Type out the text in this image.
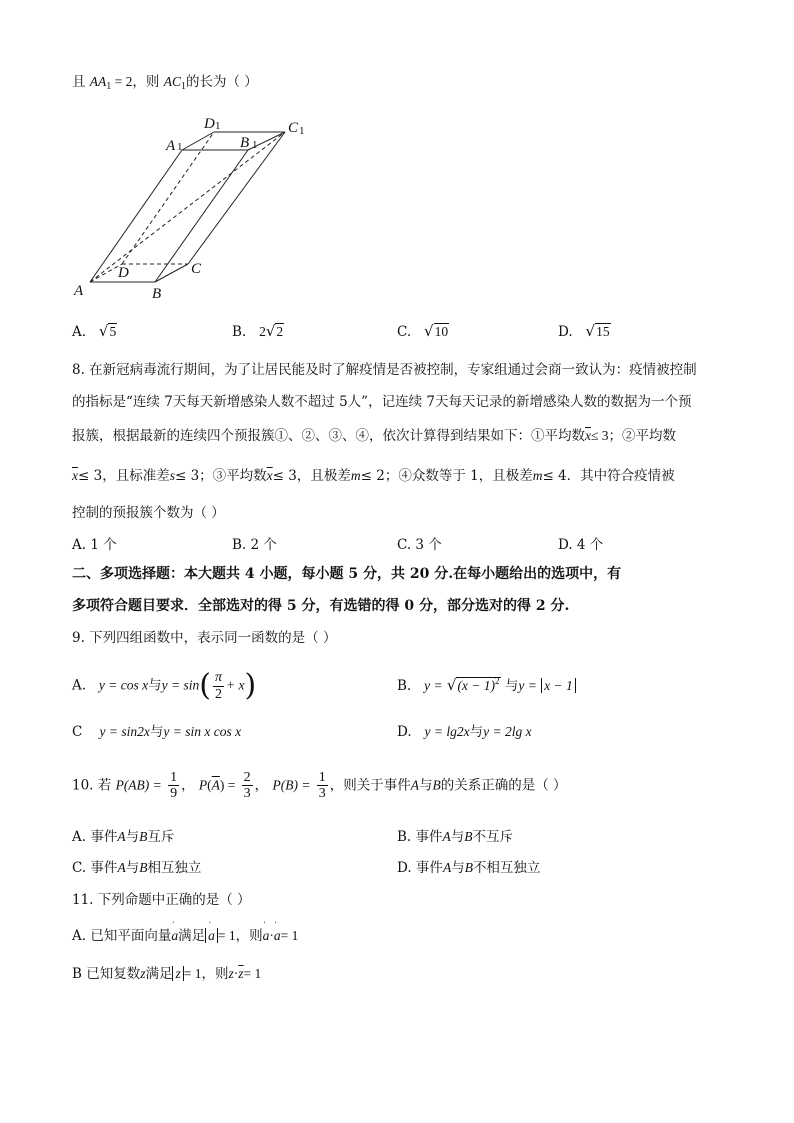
且 $AA_1 = 2$，则 $AC_1$的长为（ ）
A	B
C
D
A	B
C
D
1	1
1
1
A. √5	B. 2√2	C. √10	D. √15
8. 在新冠病毒流行期间，为了让居民能及时了解疫情是否被控制，专家组通过会商一致认为：疫情被控制
的指标是“连续 7天每天新增感染人数不超过 5人”，记连续 7天每天记录的新增感染人数的数据为一个预
报簇，根据最新的连续四个预报簇①、②、③、④，依次计算得到结果如下：①平均数$\overline{x}\le 3$；②平均数
$\overline{x}\le 3$，且标准差s≤ 3；③平均数$\overline{x}\le 3$，且极差m≤ 2；④众数等于 1，且极差m≤ 4．其中符合疫情被
控制的预报簇个数为（ ）
A. 1 个	B. 2 个	C. 3 个	D. 4 个
二、多项选择题：本大题共 4 小题，每小题 5 分，共 20 分.在每小题给出的选项中，有
多项符合题目要求．全部选对的得 5 分，有选错的得 0 分，部分选对的得 2 分.
9. 下列四组函数中，表示同一函数的是（ ）
A. y = cos x与$y = \sin( \frac{\pi}{2} + x)$	B. $y = √(x - 1)^2$ 与y = x − 1
C y = sin2x与y = sin x cos x	D. y = lg2x与y = 2lg x
10. 若 $P(AB) = \frac{1}{9}$ ， $P(\overline{A}) = \frac{2}{3}$ ， $P(B) = \frac{1}{3}$ ，则关于事件A与B的关系正确的是（ ）
A. 事件A与B互斥	B. 事件A与B不互斥
C. 事件A与B相互独立	D. 事件A与B不相互独立
11. 下列命题中正确的是（ ）
A. 已知平面向量′ a满足 ′ a = 1，则′ a·′ a= 1
B 已知复数z满足 z = 1，则$z\cdot\overline{z}= 1$
